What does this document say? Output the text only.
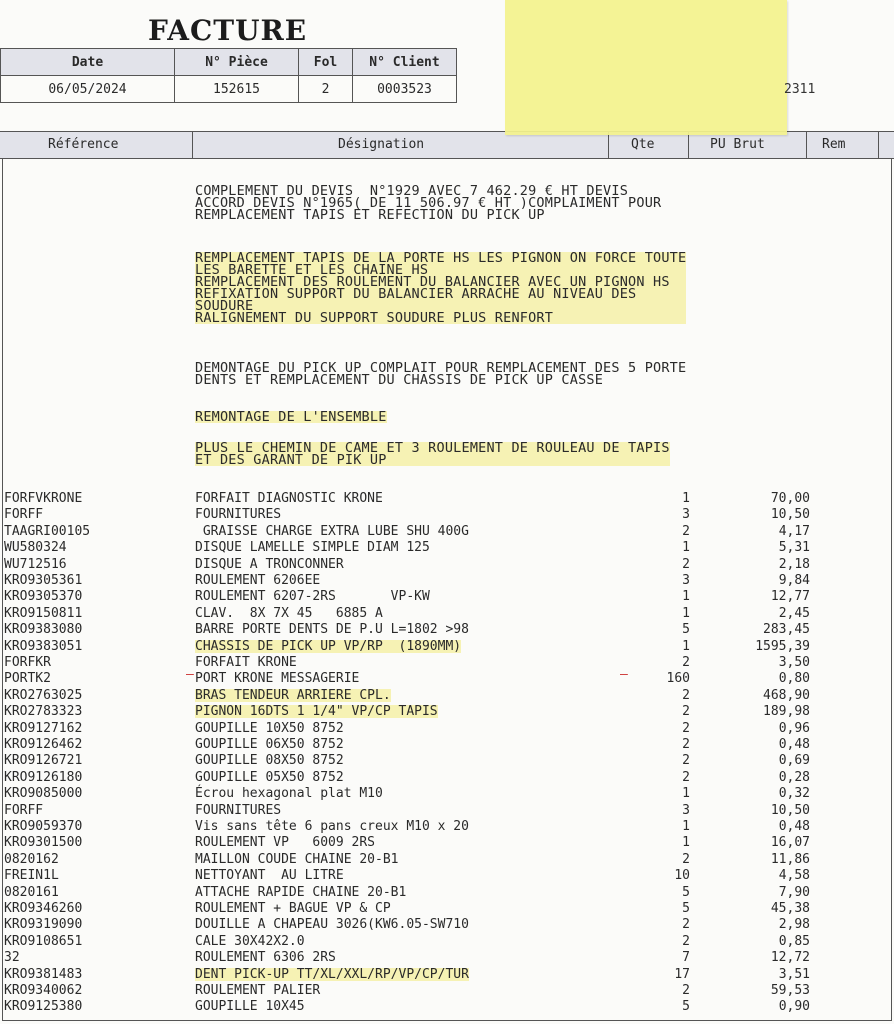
FACTURE
Date	N° Pièce	Fol	N° Client
06/05/2024	152615	2	0003523	2311
Référence	Désignation	Qte	PU Brut	Rem
COMPLEMENT DU DEVIS  N°1929 AVEC 7 462.29 € HT DEVIS
ACCORD DEVIS N°1965( DE 11 506.97 € HT )COMPLAIMENT POUR
REMPLACEMENT TAPIS ET REFECTION DU PICK UP
REMPLACEMENT TAPIS DE LA PORTE HS LES PIGNON ON FORCE TOUTE
LES BARETTE ET LES CHAINE HS
REMPLACEMENT DES ROULEMENT DU BALANCIER AVEC UN PIGNON HS
REFIXATION SUPPORT DU BALANCIER ARRACHE AU NIVEAU DES
SOUDURE
RALIGNEMENT DU SUPPORT SOUDURE PLUS RENFORT
DEMONTAGE DU PICK UP COMPLAIT POUR REMPLACEMENT DES 5 PORTE
DENTS ET REMPLACEMENT DU CHASSIS DE PICK UP CASSE
REMONTAGE DE L'ENSEMBLE
PLUS LE CHEMIN DE CAME ET 3 ROULEMENT DE ROULEAU DE TAPIS
ET DES GARANT DE PIK UP
FORFVKRONE	FORFAIT DIAGNOSTIC KRONE	1	70,00
FORFF	FOURNITURES	3	10,50
TAAGRI00105	GRAISSE CHARGE EXTRA LUBE SHU 400G	2	4,17
WU580324	DISQUE LAMELLE SIMPLE DIAM 125	1	5,31
WU712516	DISQUE A TRONCONNER	2	2,18
KRO9305361	ROULEMENT 6206EE	3	9,84
KRO9305370	ROULEMENT 6207-2RS       VP-KW	1	12,77
KRO9150811	CLAV.  8X 7X 45   6885 A	1	2,45
KRO9383080	BARRE PORTE DENTS DE P.U L=1802 >98	5	283,45
KRO9383051	CHASSIS DE PICK UP VP/RP  (1890MM)	1	1595,39
FORFKR	FORFAIT KRONE	2	3,50
PORTK2	PORT KRONE MESSAGERIE	160	0,80
KRO2763025	BRAS TENDEUR ARRIERE CPL.	2	468,90
KRO2783323	PIGNON 16DTS 1 1/4" VP/CP TAPIS	2	189,98
KRO9127162	GOUPILLE 10X50 8752	2	0,96
KRO9126462	GOUPILLE 06X50 8752	2	0,48
KRO9126721	GOUPILLE 08X50 8752	2	0,69
KRO9126180	GOUPILLE 05X50 8752	2	0,28
KRO9085000	Écrou hexagonal plat M10	1	0,32
FORFF	FOURNITURES	3	10,50
KRO9059370	Vis sans tête 6 pans creux M10 x 20	1	0,48
KRO9301500	ROULEMENT VP   6009 2RS	1	16,07
0820162	MAILLON COUDE CHAINE 20-B1	2	11,86
FREIN1L	NETTOYANT  AU LITRE	10	4,58
0820161	ATTACHE RAPIDE CHAINE 20-B1	5	7,90
KRO9346260	ROULEMENT + BAGUE VP & CP	5	45,38
KRO9319090	DOUILLE A CHAPEAU 3026(KW6.05-SW710	2	2,98
KRO9108651	CALE 30X42X2.0	2	0,85
32	ROULEMENT 6306 2RS	7	12,72
KRO9381483	DENT PICK-UP TT/XL/XXL/RP/VP/CP/TUR	17	3,51
KRO9340062	ROULEMENT PALIER	2	59,53
KRO9125380	GOUPILLE 10X45	5	0,90
–	–
